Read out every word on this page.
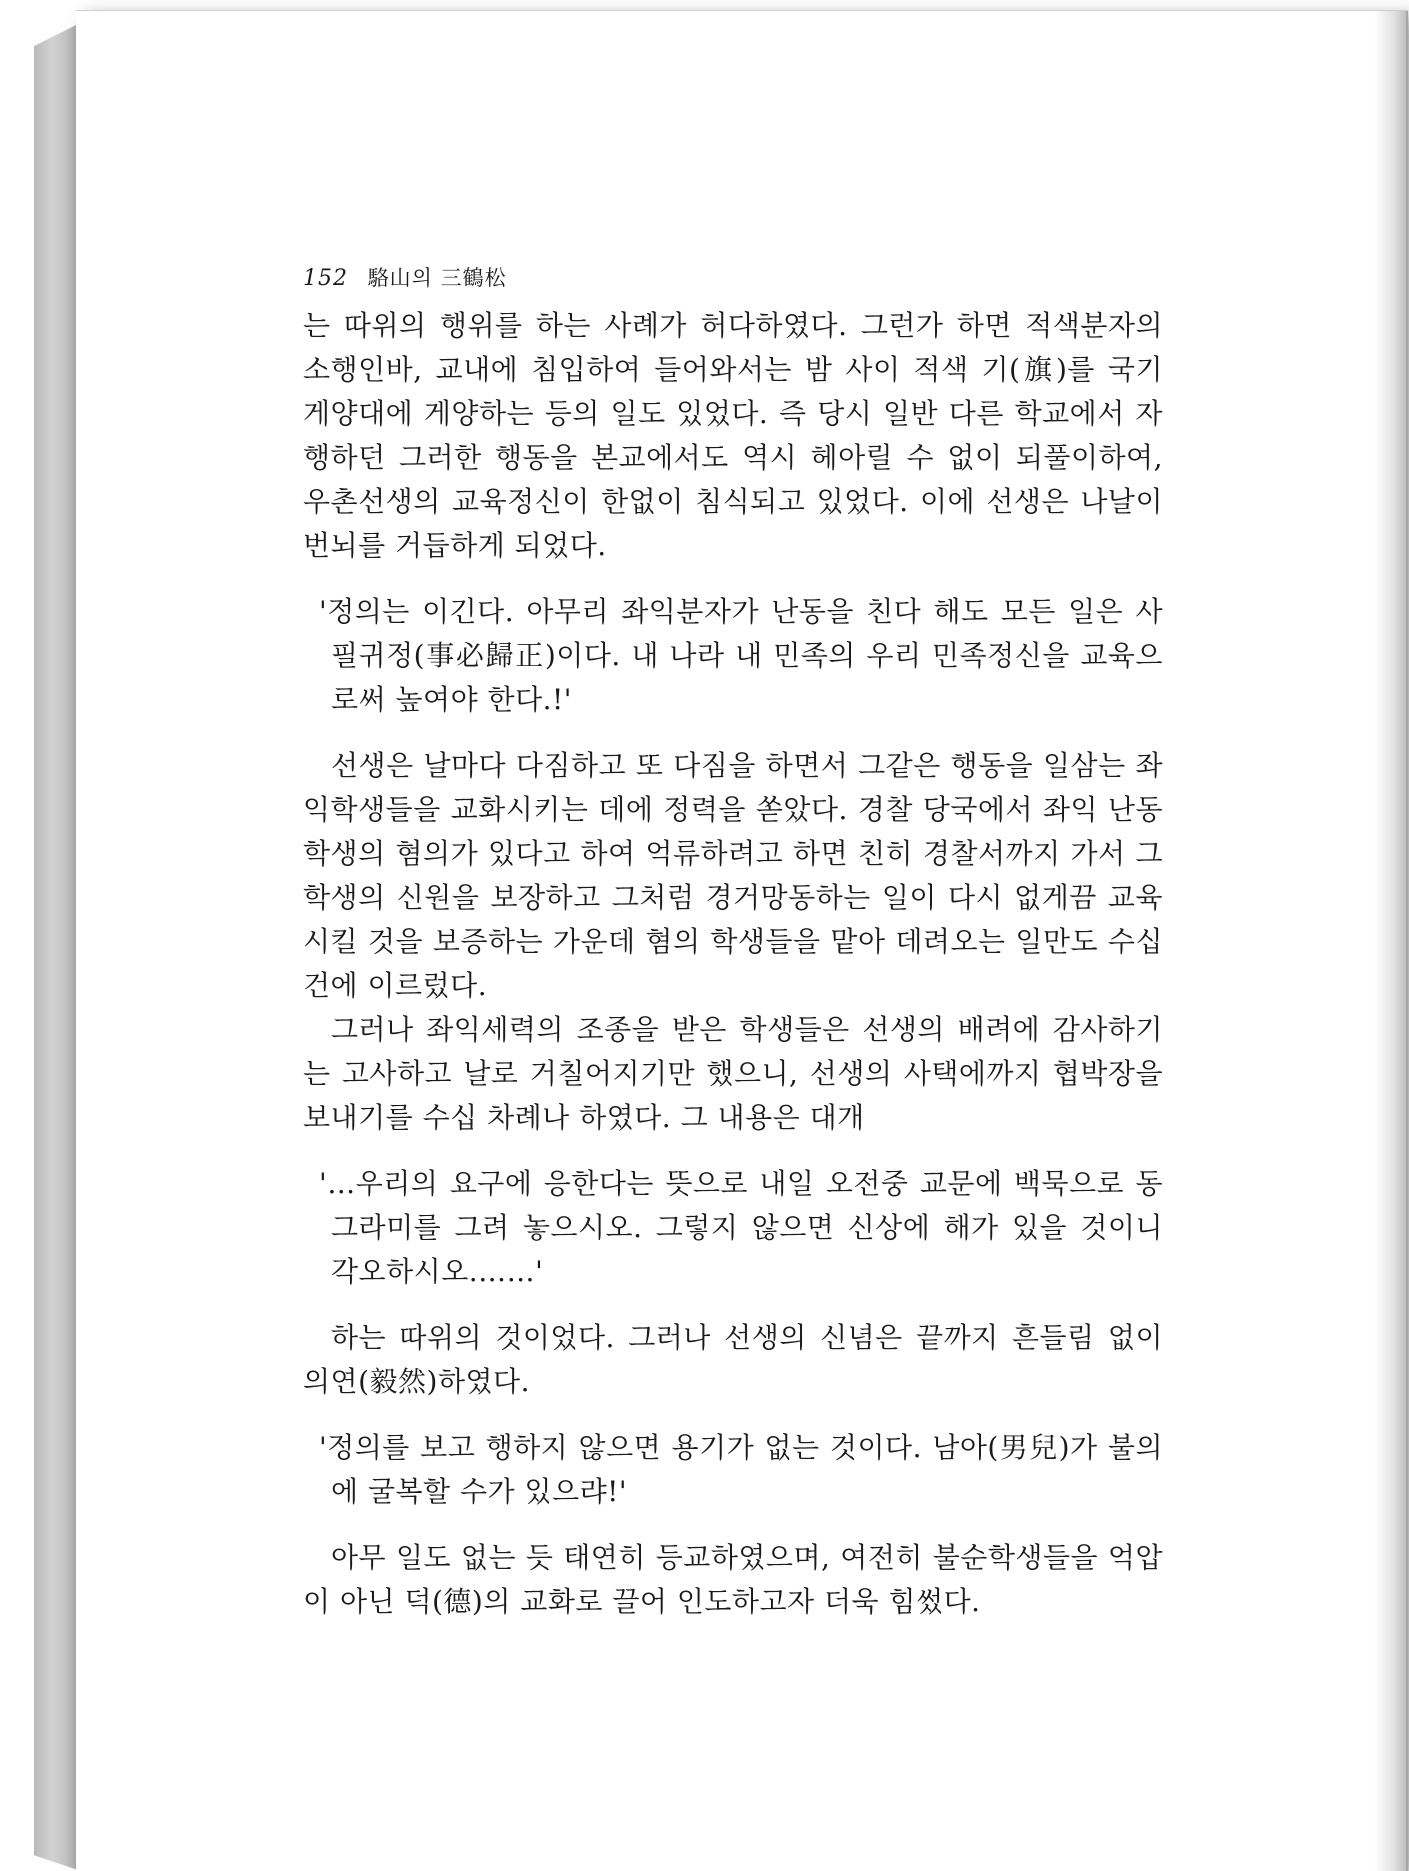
152 駱山의 三鶴松

는 따위의 행위를 하는 사례가 허다하였다. 그런가 하면 적색분자의 소행인바, 교내에 침입하여 들어와서는 밤 사이 적색 기(旗)를 국기 게양대에 게양하는 등의 일도 있었다. 즉 당시 일반 다른 학교에서 자행하던 그러한 행동을 본교에서도 역시 헤아릴 수 없이 되풀이하여, 우촌선생의 교육정신이 한없이 침식되고 있었다. 이에 선생은 나날이 번뇌를 거듭하게 되었다.

'정의는 이긴다. 아무리 좌익분자가 난동을 친다 해도 모든 일은 사필귀정(事必歸正)이다. 내 나라 내 민족의 우리 민족정신을 교육으로써 높여야 한다.!'

선생은 날마다 다짐하고 또 다짐을 하면서 그같은 행동을 일삼는 좌익학생들을 교화시키는 데에 정력을 쏟았다. 경찰 당국에서 좌익 난동 학생의 혐의가 있다고 하여 억류하려고 하면 친히 경찰서까지 가서 그 학생의 신원을 보장하고 그처럼 경거망동하는 일이 다시 없게끔 교육시킬 것을 보증하는 가운데 혐의 학생들을 맡아 데려오는 일만도 수십 건에 이르렀다.

그러나 좌익세력의 조종을 받은 학생들은 선생의 배려에 감사하기는 고사하고 날로 거칠어지기만 했으니, 선생의 사택에까지 협박장을 보내기를 수십 차례나 하였다. 그 내용은 대개

'…우리의 요구에 응한다는 뜻으로 내일 오전중 교문에 백묵으로 동그라미를 그려 놓으시오. 그렇지 않으면 신상에 해가 있을 것이니 각오하시오.……'

하는 따위의 것이었다. 그러나 선생의 신념은 끝까지 흔들림 없이 의연(毅然)하였다.

'정의를 보고 행하지 않으면 용기가 없는 것이다. 남아(男兒)가 불의에 굴복할 수가 있으랴!'

아무 일도 없는 듯 태연히 등교하였으며, 여전히 불순학생들을 억압이 아닌 덕(德)의 교화로 끌어 인도하고자 더욱 힘썼다.
